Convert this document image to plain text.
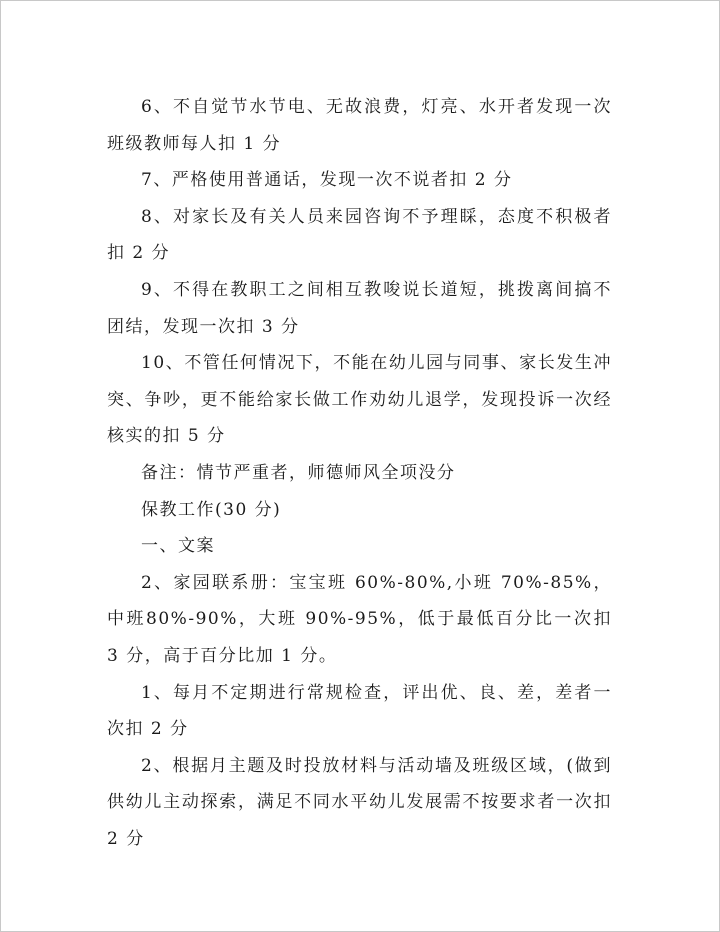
6、不自觉节水节电、无故浪费，灯亮、水开者发现一次班级教师每人扣 1 分

7、严格使用普通话，发现一次不说者扣 2 分

8、对家长及有关人员来园咨询不予理睬，态度不积极者扣 2 分

9、不得在教职工之间相互教唆说长道短，挑拨离间搞不团结，发现一次扣 3 分

10、不管任何情况下，不能在幼儿园与同事、家长发生冲突、争吵，更不能给家长做工作劝幼儿退学，发现投诉一次经核实的扣 5 分

备注：情节严重者，师德师风全项没分

保教工作(30 分)

一、文案

2、家园联系册：宝宝班 60%-80%,小班 70%-85%，中班80%-90%，大班 90%-95%，低于最低百分比一次扣 3 分，高于百分比加 1 分。

1、每月不定期进行常规检查，评出优、良、差，差者一次扣 2 分

2、根据月主题及时投放材料与活动墙及班级区域，(做到供幼儿主动探索，满足不同水平幼儿发展需不按要求者一次扣 2 分
